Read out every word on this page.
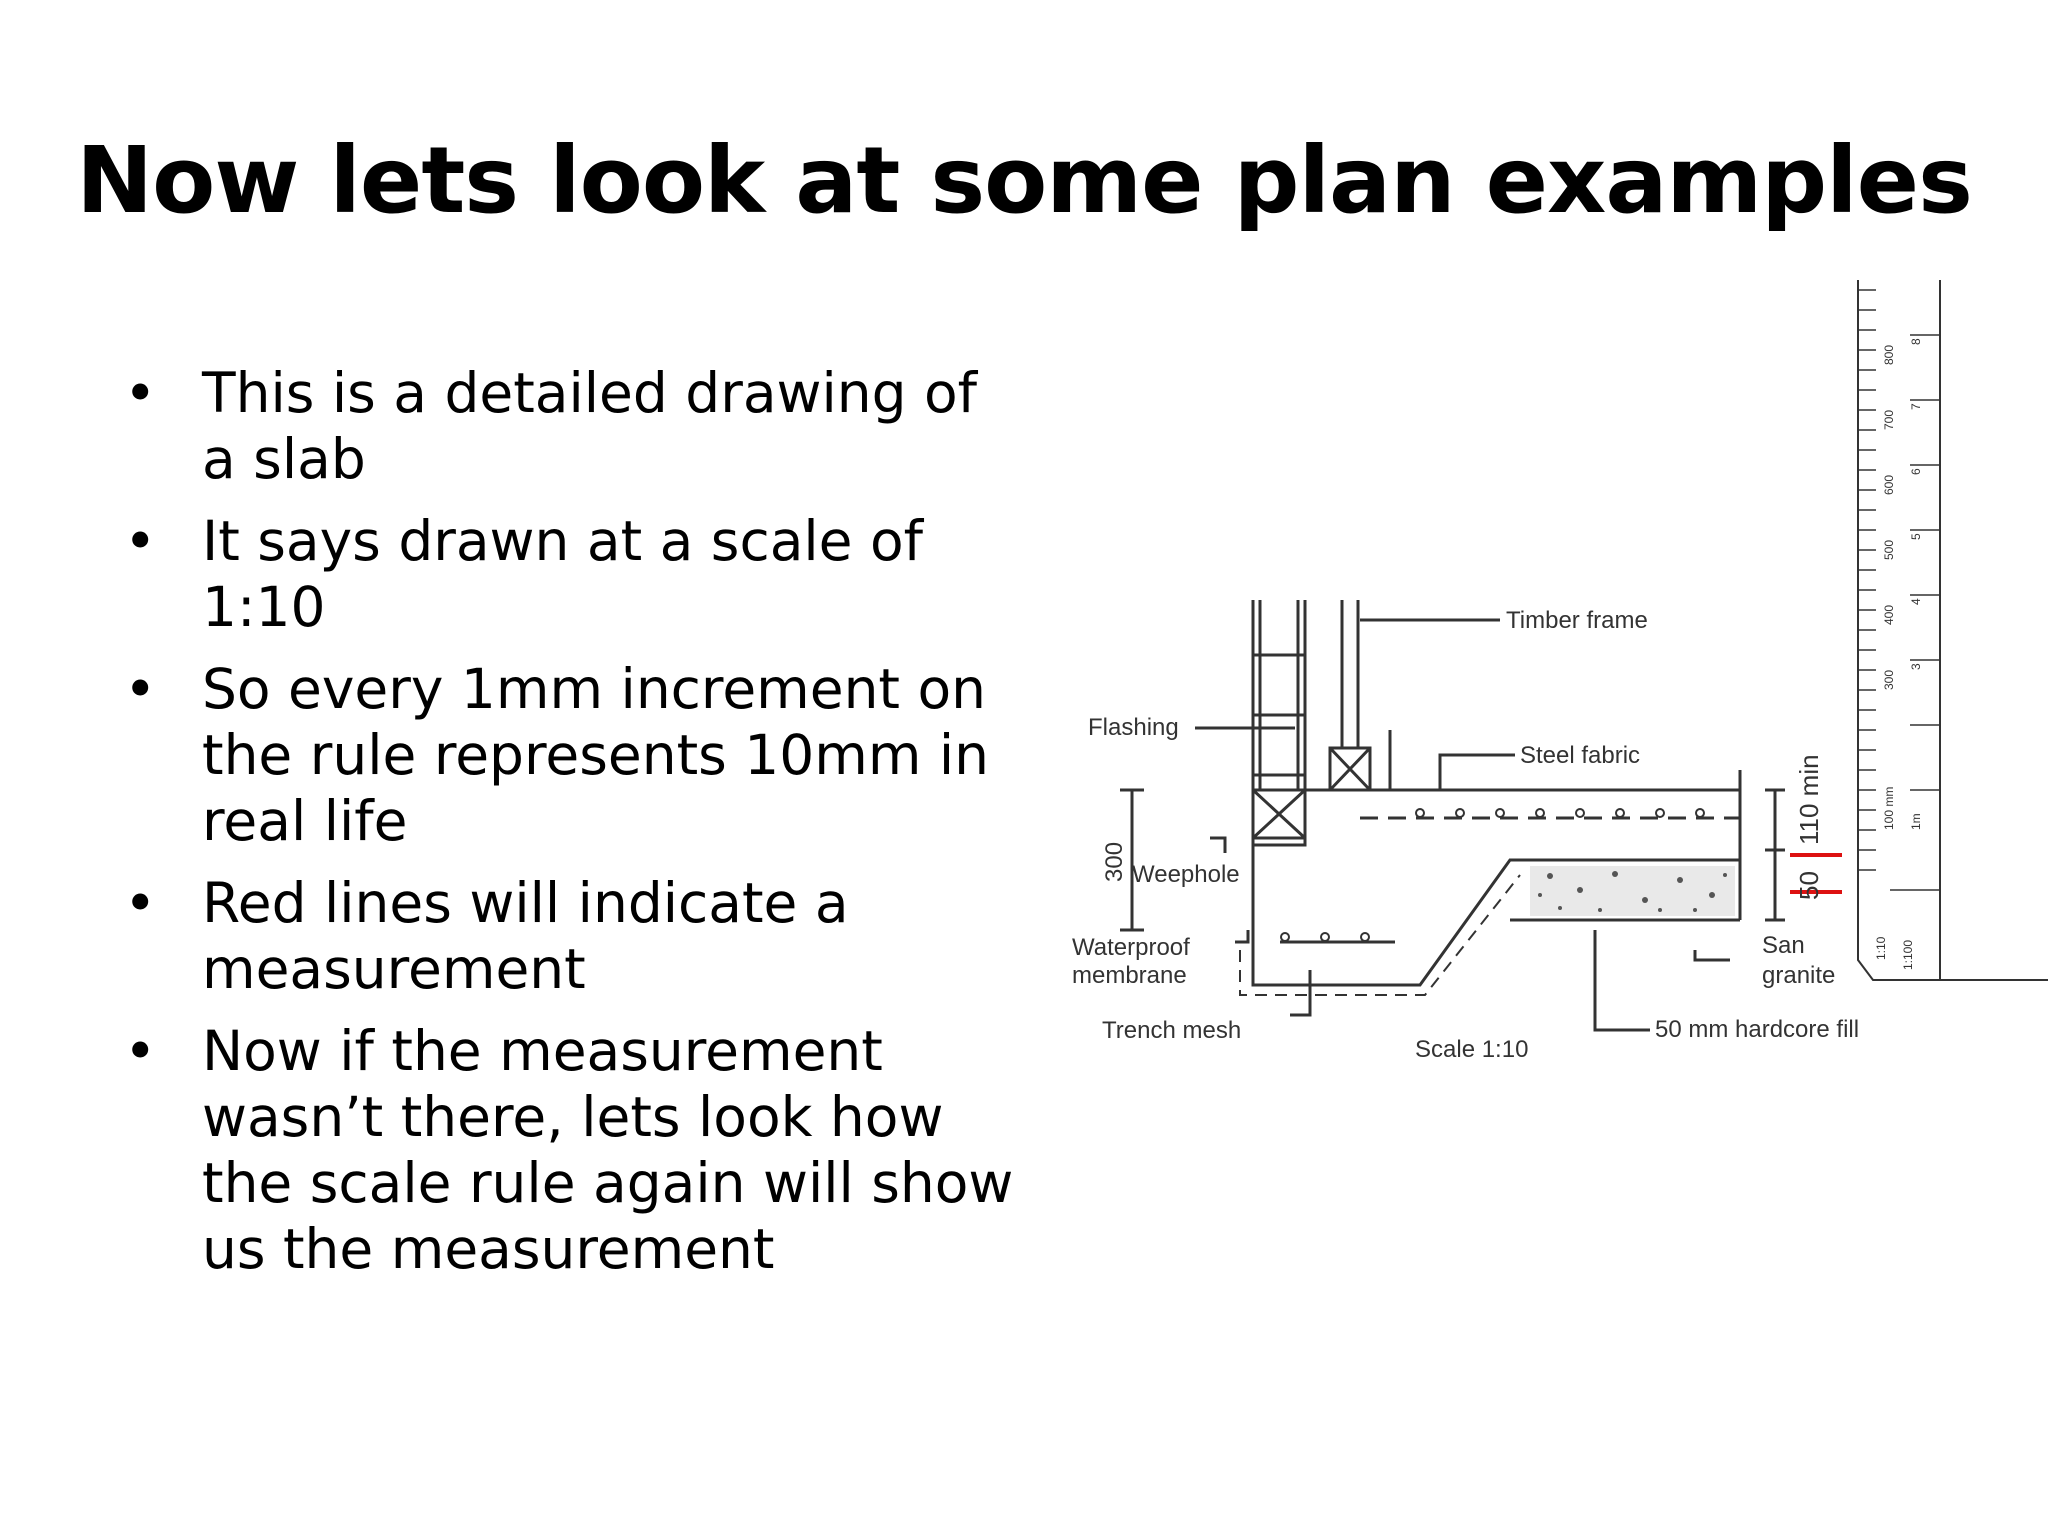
Now lets look at some plan examples
• This is a detailed drawing of a slab
• It says drawn at a scale of 1:10
• So every 1mm increment on the rule represents 10mm in real life
• Red lines will indicate a measurement
• Now if the measurement wasn’t there, lets look how the scale rule again will show us the measurement
800
700
600
500
400
300
100 mm
8
7
6
5
4
3
1m
1:10 1:100
Timber frame
Flashing
Steel fabric
300 Weephole
Waterproof
membrane
Trench mesh
Scale 1:10
50 mm hardcore fill
San
granite
110 min
50
